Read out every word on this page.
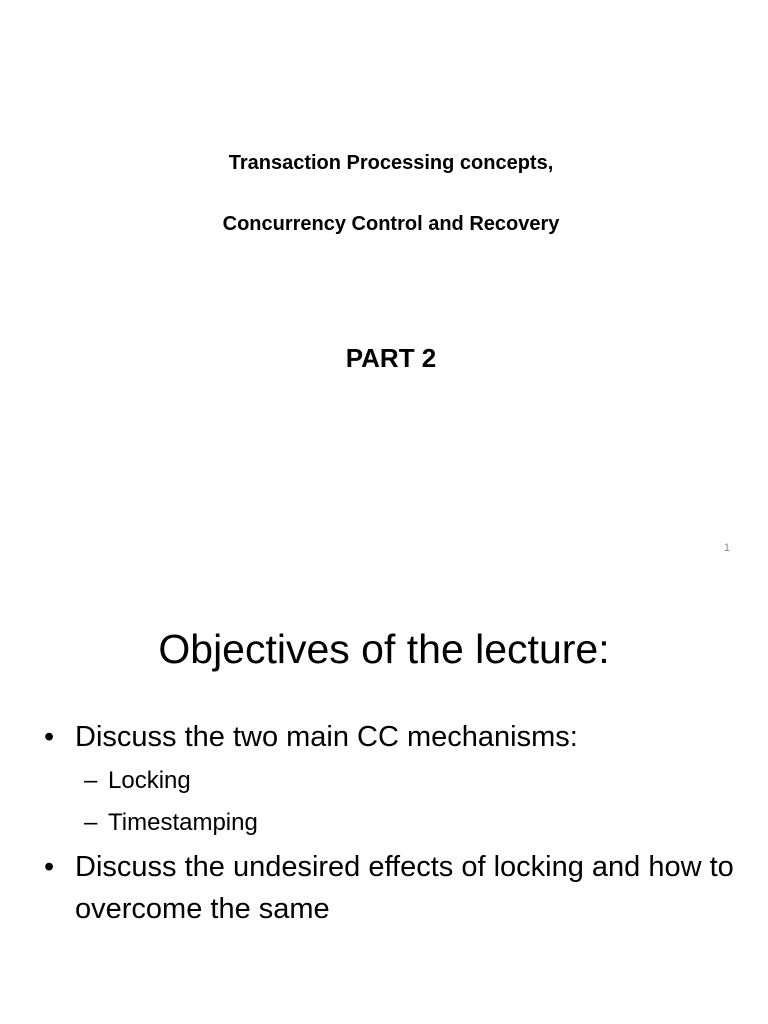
Transaction Processing concepts,
Concurrency Control and Recovery
PART 2
1
Objectives of the lecture:
• Discuss the two main CC mechanisms:
– Locking
– Timestamping
• Discuss the undesired effects of locking and how to overcome the same
